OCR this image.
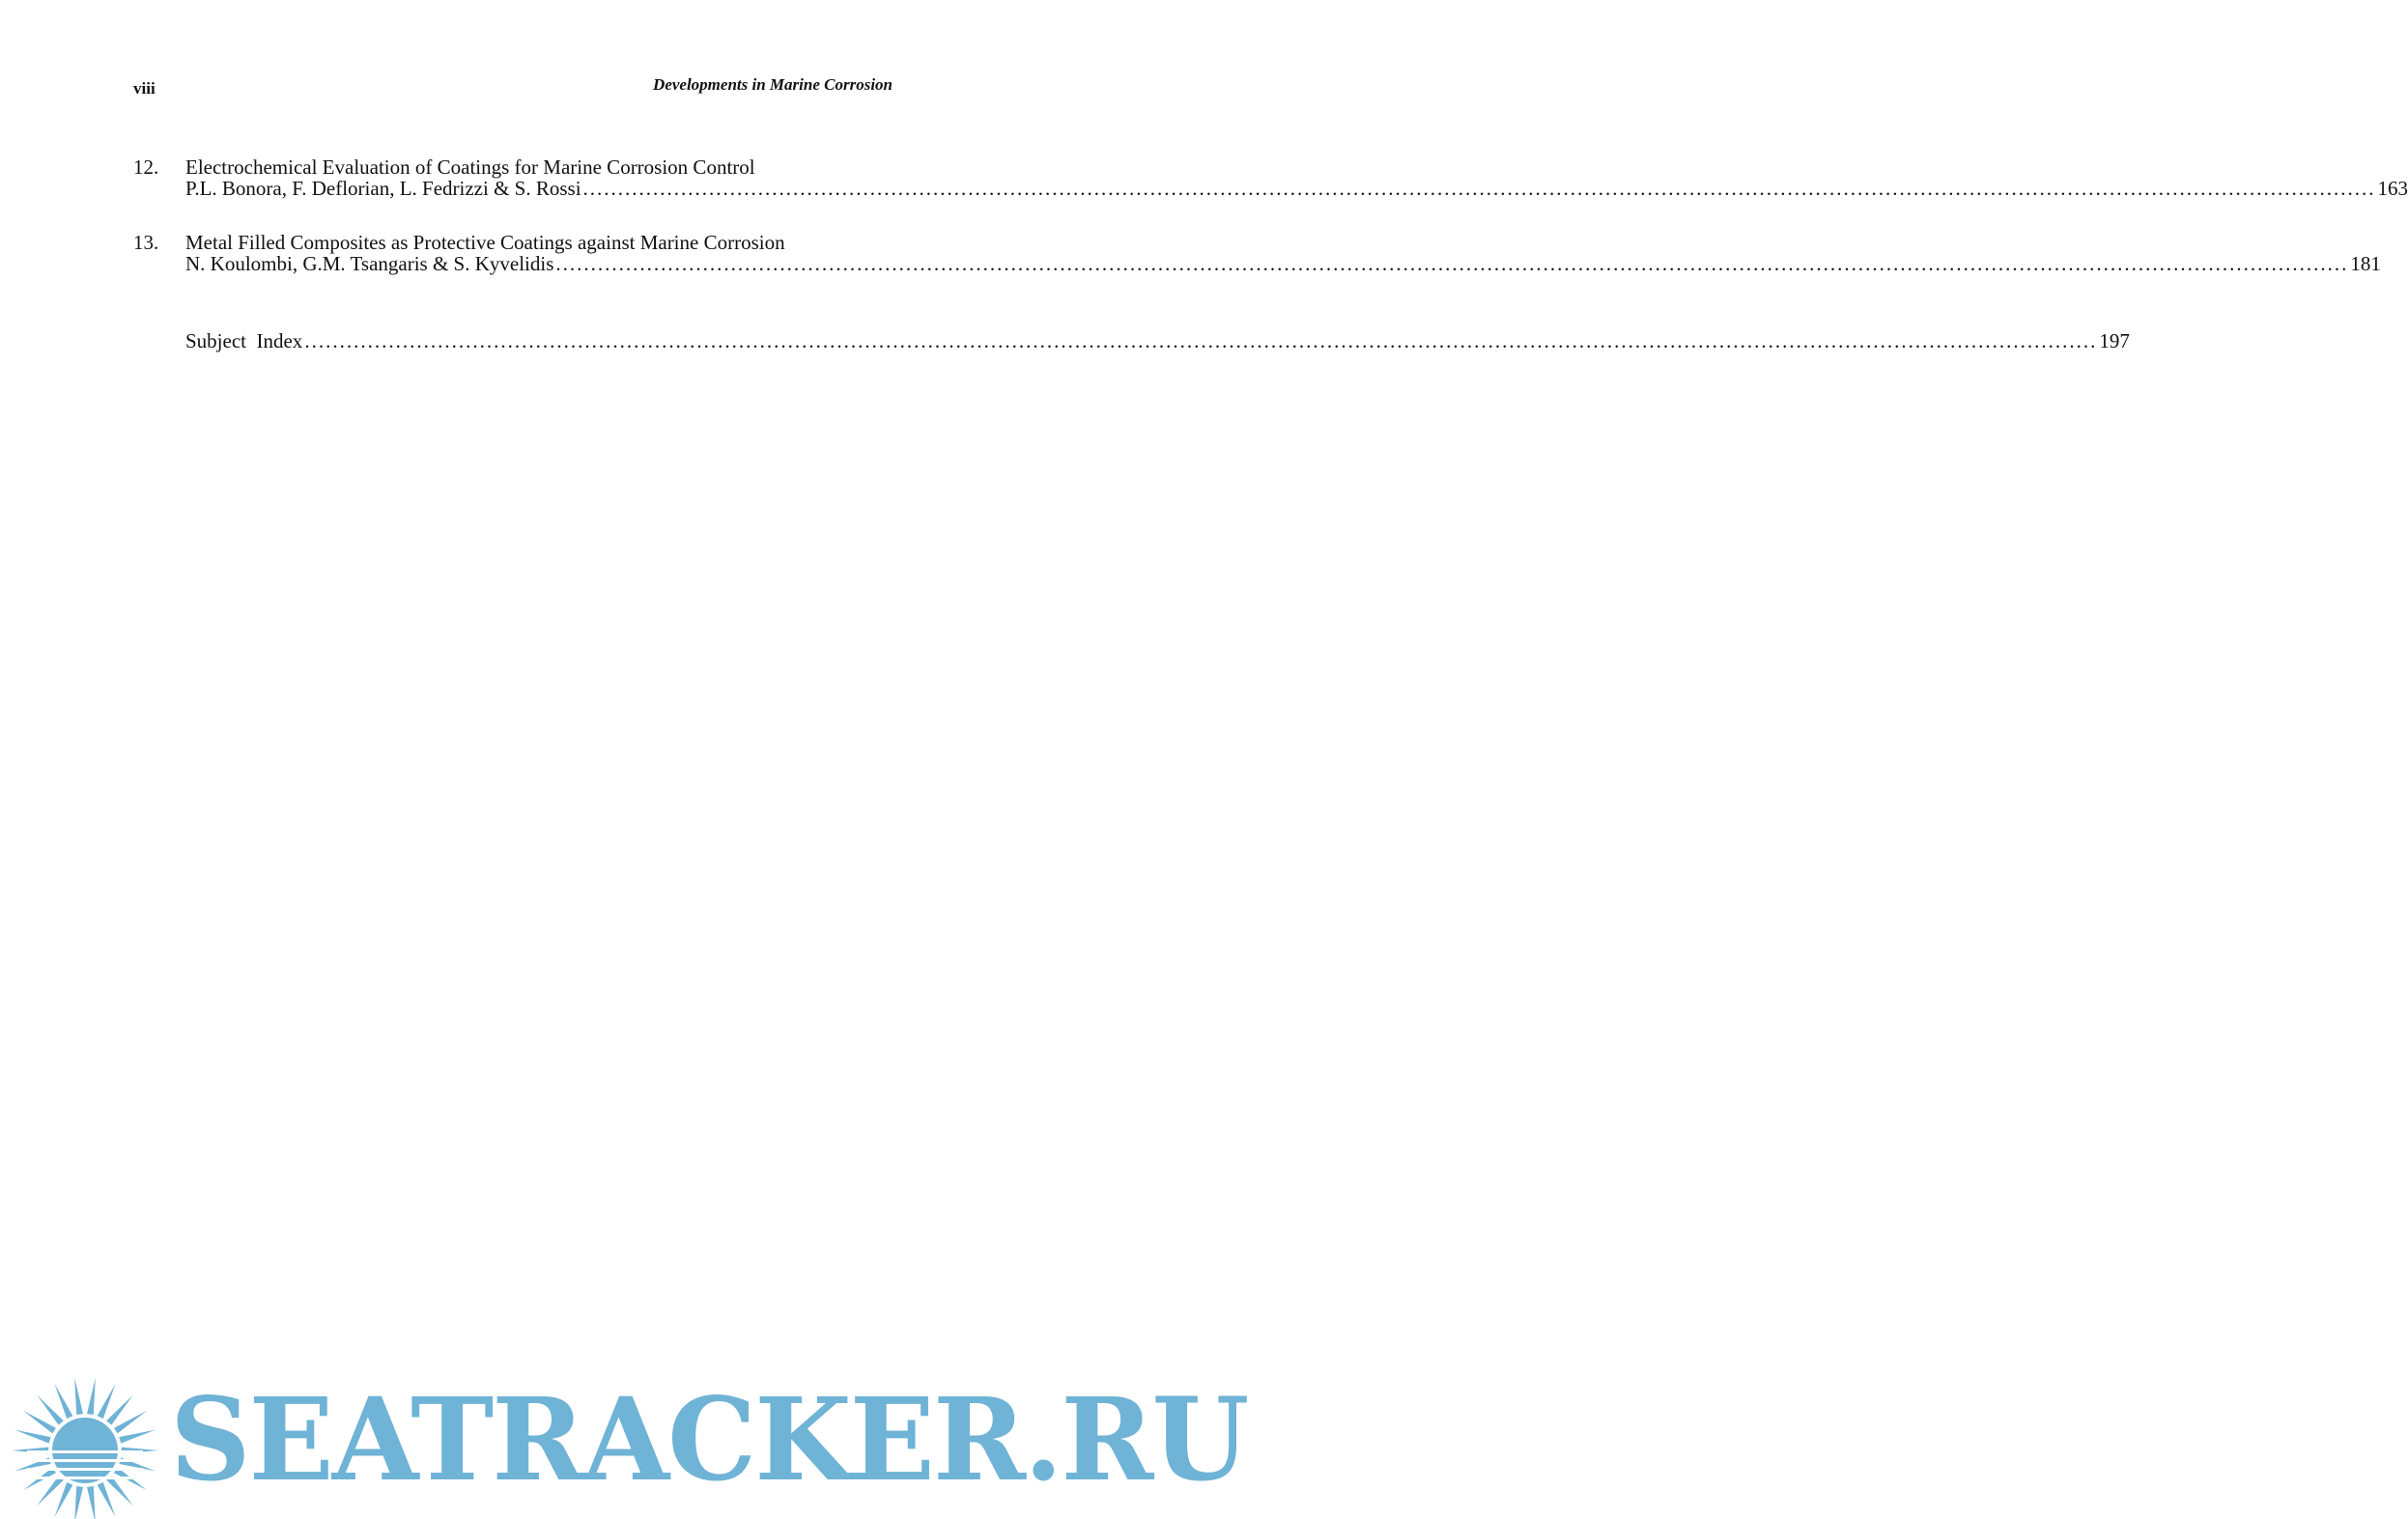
viii	Developments in Marine Corrosion
12.	Electrochemical Evaluation of Coatings for Marine Corrosion Control
P.L. Bonora, F. Deflorian, L. Fedrizzi & S. Rossi .....	163
13.	Metal Filled Composites as Protective Coatings against Marine Corrosion
N. Koulombi, G.M. Tsangaris & S. Kyvelidis .....	181
Subject  Index .....	197
SEATRACKER.RU
